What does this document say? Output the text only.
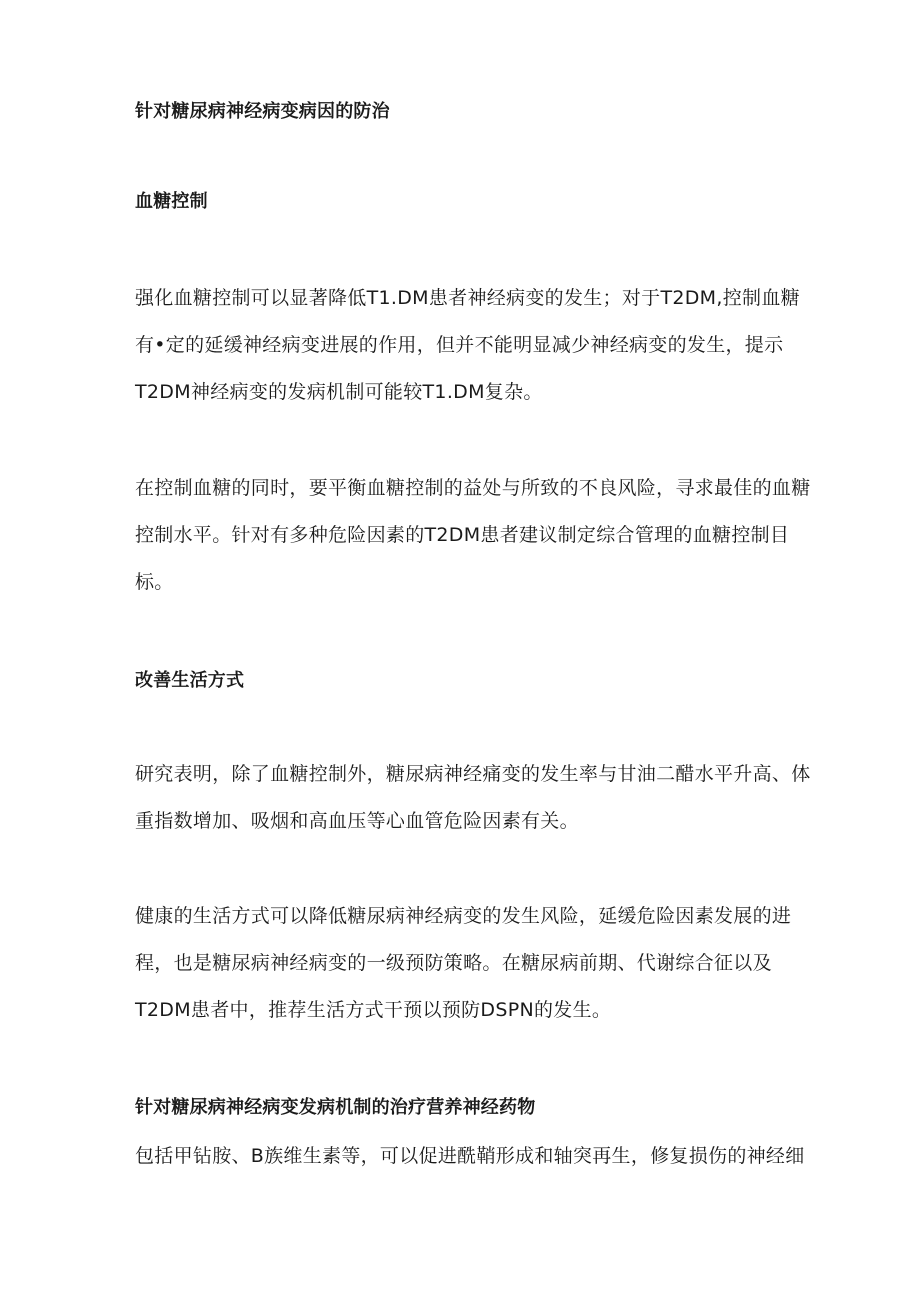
针对糖尿病神经病变病因的防治
血糖控制

强化血糖控制可以显著降低T1.DM患者神经病变的发生；对于T2DM,控制血糖

有•定的延缓神经病变进展的作用，但并不能明显减少神经病变的发生，提示

T2DM神经病变的发病机制可能较T1.DM复杂。

在控制血糖的同时，要平衡血糖控制的益处与所致的不良风险，寻求最佳的血糖

控制水平。针对有多种危险因素的T2DM患者建议制定综合管理的血糖控制目

标。

改善生活方式

研究表明，除了血糖控制外，糖尿病神经痛变的发生率与甘油二醋水平升高、体

重指数增加、吸烟和高血压等心血管危险因素有关。

健康的生活方式可以降低糖尿病神经病变的发生风险，延缓危险因素发展的进

程，也是糖尿病神经病变的一级预防策略。在糖尿病前期、代谢综合征以及

T2DM患者中，推荐生活方式干预以预防DSPN的发生。

针对糖尿病神经病变发病机制的治疗营养神经药物

包括甲钻胺、B族维生素等，可以促进酰鞘形成和轴突再生，修复损伤的神经细
